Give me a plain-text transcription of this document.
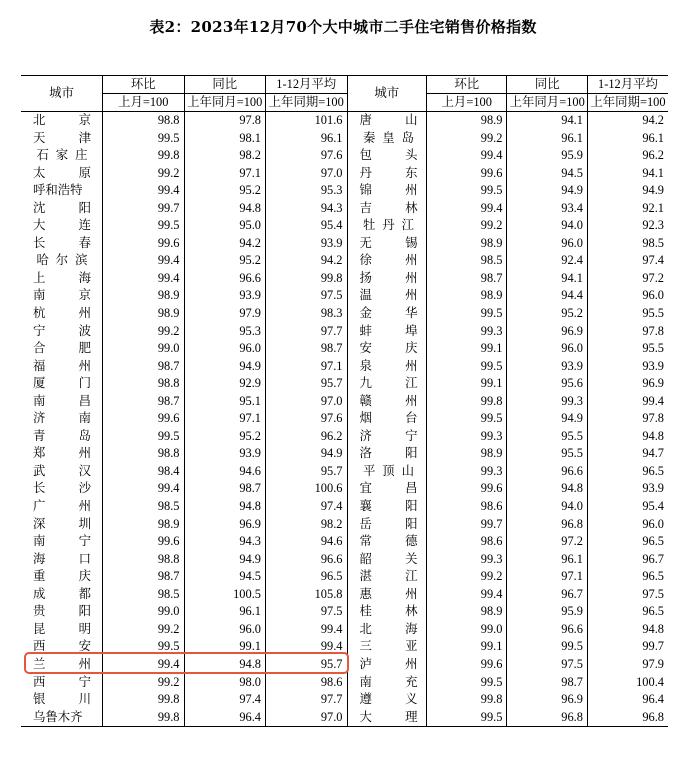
表2：2023年12月70个大中城市二手住宅销售价格指数
城市	环比	同比	1-12月平均	城市	环比	同比	1-12月平均
	上月=100	上年同月=100	上年同期=100		上月=100	上年同月=100	上年同期=100

北 京	98.8	97.8	101.6	唐 山	98.9	94.1	94.2

天 津	99.5	98.1	96.1	秦 皇 岛	99.2	96.1	96.1

石 家 庄	99.8	98.2	97.6	包 头	99.4	95.9	96.2

太 原	99.2	97.1	97.0	丹 东	99.6	94.5	94.1

呼 和 浩 特	99.4	95.2	95.3	锦 州	99.5	94.9	94.9

沈 阳	99.7	94.8	94.3	吉 林	99.4	93.4	92.1

大 连	99.5	95.0	95.4	牡 丹 江	99.2	94.0	92.3

长 春	99.6	94.2	93.9	无 锡	98.9	96.0	98.5

哈 尔 滨	99.4	95.2	94.2	徐 州	98.5	92.4	97.4

上 海	99.4	96.6	99.8	扬 州	98.7	94.1	97.2

南 京	98.9	93.9	97.5	温 州	98.9	94.4	96.0

杭 州	98.9	97.9	98.3	金 华	99.5	95.2	95.5

宁 波	99.2	95.3	97.7	蚌 埠	99.3	96.9	97.8

合 肥	99.0	96.0	98.7	安 庆	99.1	96.0	95.5

福 州	98.7	94.9	97.1	泉 州	99.5	93.9	93.9

厦 门	98.8	92.9	95.7	九 江	99.1	95.6	96.9

南 昌	98.7	95.1	97.0	赣 州	99.8	99.3	99.4

济 南	99.6	97.1	97.6	烟 台	99.5	94.9	97.8

青 岛	99.5	95.2	96.2	济 宁	99.3	95.5	94.8

郑 州	98.8	93.9	94.9	洛 阳	98.9	95.5	94.7

武 汉	98.4	94.6	95.7	平 顶 山	99.3	96.6	96.5

长 沙	99.4	98.7	100.6	宜 昌	99.6	94.8	93.9

广 州	98.5	94.8	97.4	襄 阳	98.6	94.0	95.4

深 圳	98.9	96.9	98.2	岳 阳	99.7	96.8	96.0

南 宁	99.6	94.3	94.6	常 德	98.6	97.2	96.5

海 口	98.8	94.9	96.6	韶 关	99.3	96.1	96.7

重 庆	98.7	94.5	96.5	湛 江	99.2	97.1	96.5

成 都	98.5	100.5	105.8	惠 州	99.4	96.7	97.5

贵 阳	99.0	96.1	97.5	桂 林	98.9	95.9	96.5

昆 明	99.2	96.0	99.4	北 海	99.0	96.6	94.8

西 安	99.5	99.1	99.4	三 亚	99.1	99.5	99.7

兰 州	99.4	94.8	95.7	泸 州	99.6	97.5	97.9

西 宁	99.2	98.0	98.6	南 充	99.5	98.7	100.4

银 川	99.8	97.4	97.7	遵 义	99.8	96.9	96.4

乌 鲁 木 齐	99.8	96.4	97.0	大 理	99.5	96.8	96.8
